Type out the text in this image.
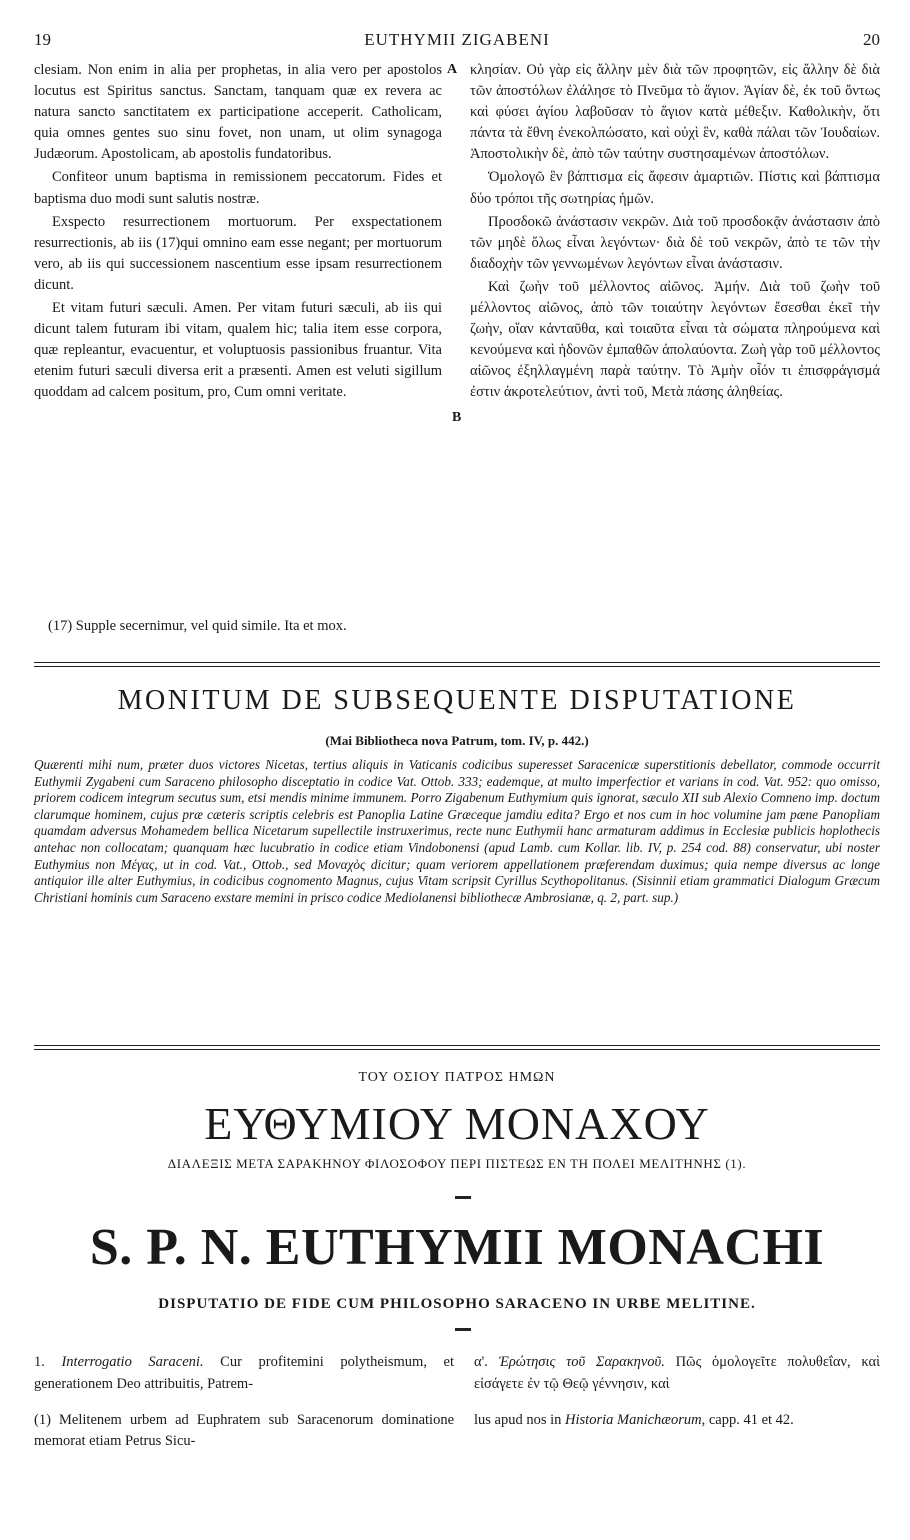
19	EUTHYMII ZIGABENI	20

clesiam. Non enim in alia per prophetas, in alia vero per apostolos locutus est Spiritus sanctus. Sanctam, tanquam quæ ex revera ac natura sancto sanctitatem ex participatione acceperit. Catholicam, quia omnes gentes suo sinu fovet, non unam, ut olim synagoga Judæorum. Apostolicam, ab apostolis fundatoribus.

Confiteor unum baptisma in remissionem peccatorum. Fides et baptisma duo modi sunt salutis nostræ.

Exspecto resurrectionem mortuorum. Per exspectationem resurrectionis, ab iis (17)qui omnino eam esse negant; per mortuorum vero, ab iis qui successionem nascentium esse ipsam resurrectionem dicunt.

Et vitam futuri sæculi. Amen. Per vitam futuri sæculi, ab iis qui dicunt talem futuram ibi vitam, qualem hic; talia item esse corpora, quæ repleantur, evacuentur, et voluptuosis passionibus fruantur. Vita etenim futuri sæculi diversa erit a præsenti. Amen est veluti sigillum quoddam ad calcem positum, pro, Cum omni veritate.

A
B

κλησίαν. Οὐ γὰρ εἰς ἄλλην μὲν διὰ τῶν προφητῶν, εἰς ἄλλην δὲ διὰ τῶν ἀποστόλων ἐλάλησε τὸ Πνεῦμα τὸ ἅγιον. Ἁγίαν δὲ, ἐκ τοῦ ὄντως καὶ φύσει ἁγίου λαβοῦσαν τὸ ἅγιον κατὰ μέθεξιν. Καθολικὴν, ὅτι πάντα τὰ ἔθνη ἐνεκολπώσατο, καὶ οὐχὶ ἓν, καθὰ πάλαι τῶν Ἰουδαίων. Ἀποστολικὴν δὲ, ἀπὸ τῶν ταύτην συστησαμένων ἀποστόλων.

Ὁμολογῶ ἓν βάπτισμα εἰς ἄφεσιν ἁμαρτιῶν. Πίστις καὶ βάπτισμα δύο τρόποι τῆς σωτηρίας ἡμῶν.

Προσδοκῶ ἀνάστασιν νεκρῶν. Διὰ τοῦ προσδοκᾷν ἀνάστασιν ἀπὸ τῶν μηδὲ ὅλως εἶναι λεγόντων· διὰ δὲ τοῦ νεκρῶν, ἀπὸ τε τῶν τὴν διαδοχὴν τῶν γεννωμένων λεγόντων εἶναι ἀνάστασιν.

Καὶ ζωὴν τοῦ μέλλοντος αἰῶνος. Ἀμήν. Διὰ τοῦ ζωὴν τοῦ μέλλοντος αἰῶνος, ἀπὸ τῶν τοιαύτην λεγόντων ἔσεσθαι ἐκεῖ τὴν ζωὴν, οἵαν κἀνταῦθα, καὶ τοιαῦτα εἶναι τὰ σώματα πληρούμενα καὶ κενούμενα καὶ ἡδονῶν ἐμπαθῶν ἀπολαύοντα. Ζωὴ γὰρ τοῦ μέλλοντος αἰῶνος ἐξηλλαγμένη παρὰ ταύτην. Τὸ Ἀμὴν οἷόν τι ἐπισφράγισμά ἐστιν ἀκροτελεύτιον, ἀντὶ τοῦ, Μετὰ πάσης ἀληθείας.

(17) Supple secernimur, vel quid simile. Ita et mox.
MONITUM DE SUBSEQUENTE DISPUTATIONE
(Mai Bibliotheca nova Patrum, tom. IV, p. 442.)
Quærenti mihi num, præter duos victores Nicetas, tertius aliquis in Vaticanis codicibus superesset Saracenicæ superstitionis debellator, commode occurrit Euthymii Zygabeni cum Saraceno philosopho disceptatio in codice Vat. Ottob. 333; eademque, at multo imperfectior et varians in cod. Vat. 952: quo omisso, priorem codicem integrum secutus sum, etsi mendis minime immunem. Porro Zigabenum Euthymium quis ignorat, sæculo XII sub Alexio Comneno imp. doctum clarumque hominem, cujus præ cæteris scriptis celebris est Panoplia Latine Græceque jamdiu edita? Ergo et nos cum in hoc volumine jam pæne Panopliam quamdam adversus Mohamedem bellica Nicetarum supellectile instruxerimus, recte nunc Euthymii hanc armaturam addimus in Ecclesiæ publicis hoplothecis antehac non collocatam; quanquam hæc lucubratio in codice etiam Vindobonensi (apud Lamb. cum Kollar. lib. IV, p. 254 cod. 88) conservatur, ubi noster Euthymius non Μέγας, ut in cod. Vat., Ottob., sed Μοναχὸς dicitur; quam veriorem appellationem præferendam duximus; quia nempe diversus ac longe antiquior ille alter Euthymius, in codicibus cognomento Magnus, cujus Vitam scripsit Cyrillus Scythopolitanus. (Sisinnii etiam grammatici Dialogum Græcum Christiani hominis cum Saraceno exstare memini in prisco codice Mediolanensi bibliothecæ Ambrosianæ, q. 2, part. sup.)
ΤΟΥ ΟΣΙΟΥ ΠΑΤΡΟΣ ΗΜΩΝ
ΕΥΘΥΜΙΟΥ ΜΟΝΑΧΟΥ
ΔΙΑΛΕΞΙΣ ΜΕΤΑ ΣΑΡΑΚΗΝΟΥ ΦΙΛΟΣΟΦΟΥ ΠΕΡΙ ΠΙΣΤΕΩΣ ΕΝ ΤΗ ΠΟΛΕΙ ΜΕΛΙΤΗΝΗΣ (1).
S. P. N. EUTHYMII MONACHI
DISPUTATIO DE FIDE CUM PHILOSOPHO SARACENO IN URBE MELITINE.

1. Interrogatio Saraceni. Cur profitemini polytheismum, et generationem Deo attribuitis, Patrem-

α'. Ἐρώτησις τοῦ Σαρακηνοῦ. Πῶς ὁμολογεῖτε πολυθεΐαν, καὶ εἰσάγετε ἐν τῷ Θεῷ γέννησιν, καὶ

(1) Melitenem urbem ad Euphratem sub Saracenorum dominatione memorat etiam Petrus Sicu-
lus apud nos in Historia Manichæorum, capp. 41 et 42.
